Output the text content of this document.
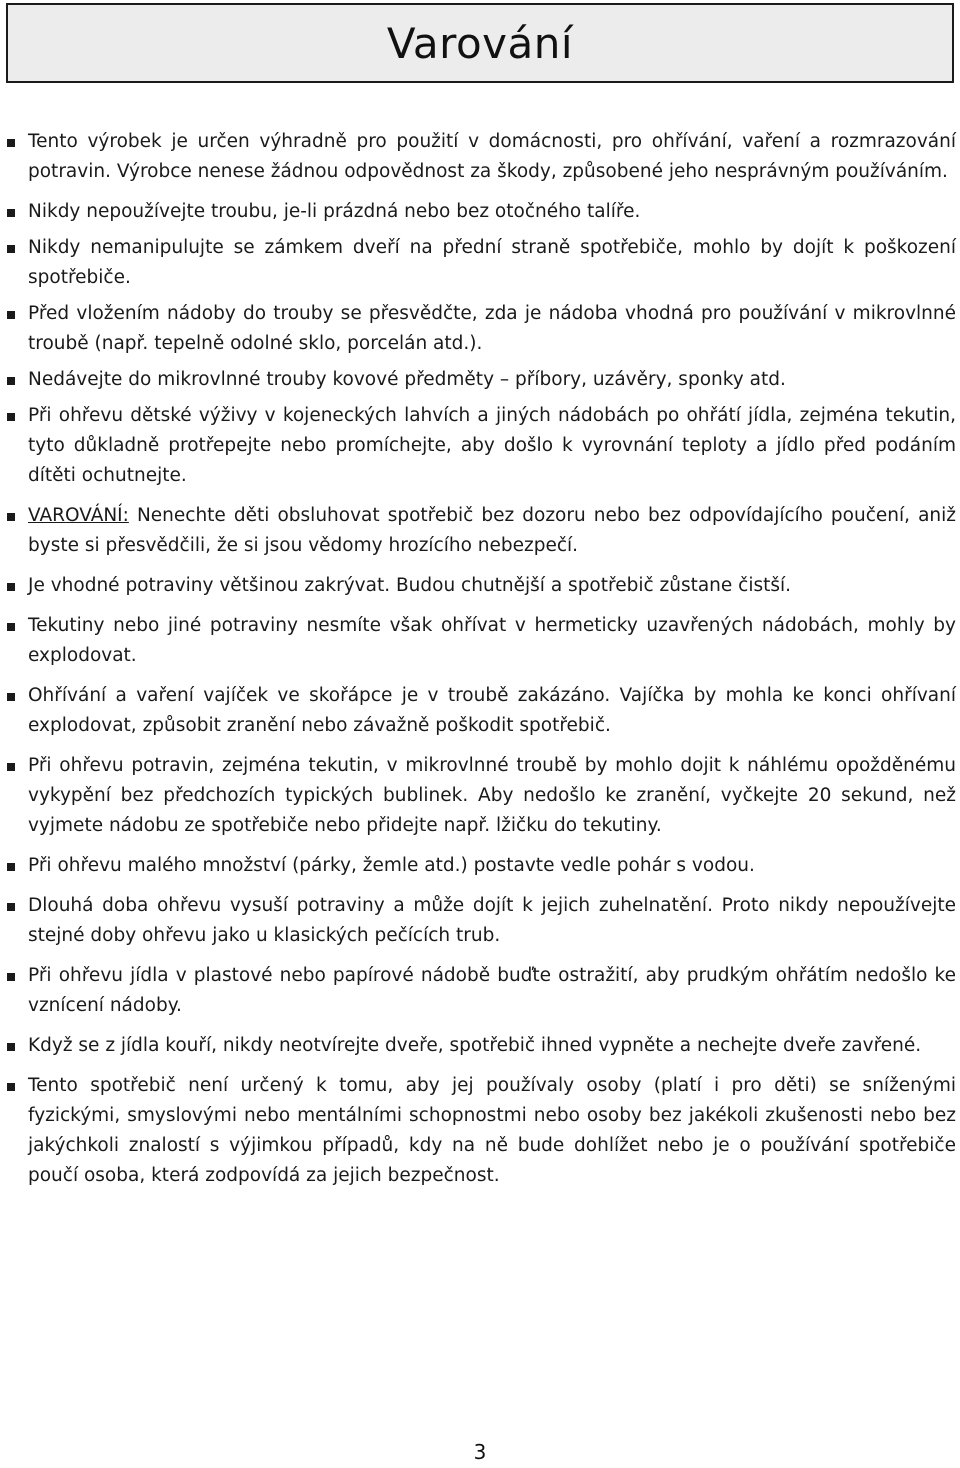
Varování
Tento výrobek je určen výhradně pro použití v domácnosti, pro ohřívání, vaření a rozmrazování potravin. Výrobce nenese žádnou odpovědnost za škody, způsobené jeho nesprávným používáním.
Nikdy nepoužívejte troubu, je-li prázdná nebo bez otočného talíře.
Nikdy nemanipulujte se zámkem dveří na přední straně spotřebiče, mohlo by dojít k poškození spotřebiče.
Před vložením nádoby do trouby se přesvědčte, zda je nádoba vhodná pro používání v mikrovlnné troubě (např. tepelně odolné sklo, porcelán atd.).
Nedávejte do mikrovlnné trouby kovové předměty – příbory, uzávěry, sponky atd.
Při ohřevu dětské výživy v kojeneckých lahvích a jiných nádobách po ohřátí jídla, zejména tekutin, tyto důkladně protřepejte nebo promíchejte, aby došlo k vyrovnání teploty a jídlo před podáním dítěti ochutnejte.
VAROVÁNÍ: Nenechte děti obsluhovat spotřebič bez dozoru nebo bez odpovídajícího poučení, aniž byste si přesvědčili, že si jsou vědomy hrozícího nebezpečí.
Je vhodné potraviny většinou zakrývat. Budou chutnější a spotřebič zůstane čistší.
Tekutiny nebo jiné potraviny nesmíte však ohřívat v hermeticky uzavřených nádobách, mohly by explodovat.
Ohřívání a vaření vajíček ve skořápce je v troubě zakázáno. Vajíčka by mohla ke konci ohřívaní explodovat, způsobit zranění nebo závažně poškodit spotřebič.
Při ohřevu potravin, zejména tekutin, v mikrovlnné troubě by mohlo dojit k náhlému opožděnému vykypění bez předchozích typických bublinek. Aby nedošlo ke zranění, vyčkejte 20 sekund, než vyjmete nádobu ze spotřebiče nebo přidejte např. lžičku do tekutiny.
Při ohřevu malého množství (párky, žemle atd.) postavte vedle pohár s vodou.
Dlouhá doba ohřevu vysuší potraviny a může dojít k jejich zuhelnatění. Proto nikdy nepoužívejte stejné doby ohřevu jako u klasických pečících trub.
Při ohřevu jídla v plastové nebo papírové nádobě buďte ostražití, aby prudkým ohřátím nedošlo ke vznícení nádoby.
Když se z jídla kouří, nikdy neotvírejte dveře, spotřebič ihned vypněte a nechejte dveře zavřené.
Tento spotřebič není určený k tomu, aby jej používaly osoby (platí i pro děti) se sníženými fyzickými, smyslovými nebo mentálními schopnostmi nebo osoby bez jakékoli zkušenosti nebo bez jakýchkoli znalostí s výjimkou případů, kdy na ně bude dohlížet nebo je o používání spotřebiče poučí osoba, která zodpovídá za jejich bezpečnost.
3
